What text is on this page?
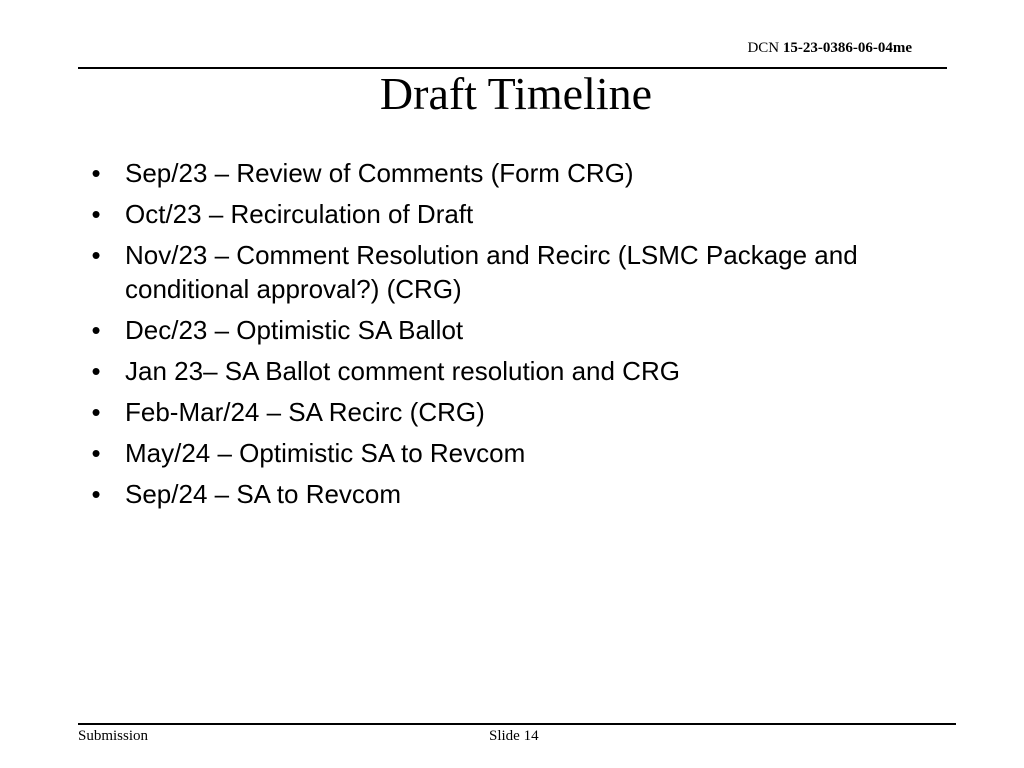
DCN 15-23-0386-06-04me
Draft Timeline
• Sep/23 – Review of Comments (Form CRG)
• Oct/23 – Recirculation of Draft
• Nov/23 – Comment Resolution and Recirc (LSMC Package and conditional approval?) (CRG)
• Dec/23 – Optimistic SA Ballot
• Jan 23– SA Ballot comment resolution and CRG
• Feb-Mar/24 – SA Recirc (CRG)
• May/24 – Optimistic SA to Revcom
• Sep/24 – SA to Revcom
Submission	Slide 14
